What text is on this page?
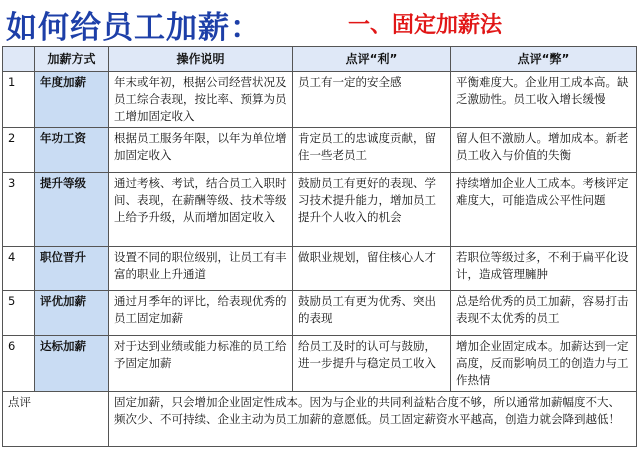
如何给员工加薪：	一、固定加薪法
	加薪方式	操作说明	点评“利”	点评“弊”
1	年度加薪	年末或年初，根据公司经营状况及员工综合表现，按比率、预算为员工增加固定收入	员工有一定的安全感	平衡难度大。企业用工成本高。缺乏激励性。员工收入增长缓慢
2	年功工资	根据员工服务年限，以年为单位增加固定收入	肯定员工的忠诚度贡献，留住一些老员工	留人但不激励人。增加成本。新老员工收入与价值的失衡
3	提升等级	通过考核、考试，结合员工入职时间、表现，在薪酬等级、技术等级上给予升级，从而增加固定收入	鼓励员工有更好的表现、学习技术提升能力，增加员工提升个人收入的机会	持续增加企业人工成本。考核评定难度大，可能造成公平性问题
4	职位晋升	设置不同的职位级别，让员工有丰富的职业上升通道	做职业规划，留住核心人才	若职位等级过多，不利于扁平化设计，造成管理臃肿
5	评优加薪	通过月季年的评比，给表现优秀的员工固定加薪	鼓励员工有更为优秀、突出的表现	总是给优秀的员工加薪，容易打击表现不太优秀的员工
6	达标加薪	对于达到业绩或能力标准的员工给予固定加薪	给员工及时的认可与鼓励，进一步提升与稳定员工收入	增加企业固定成本。加薪达到一定高度，反而影响员工的创造力与工作热情
点评		固定加薪，只会增加企业固定性成本。因为与企业的共同利益粘合度不够，所以通常加薪幅度不大、频次少、不可持续、企业主动为员工加薪的意愿低。员工固定薪资水平越高，创造力就会降到越低！		
